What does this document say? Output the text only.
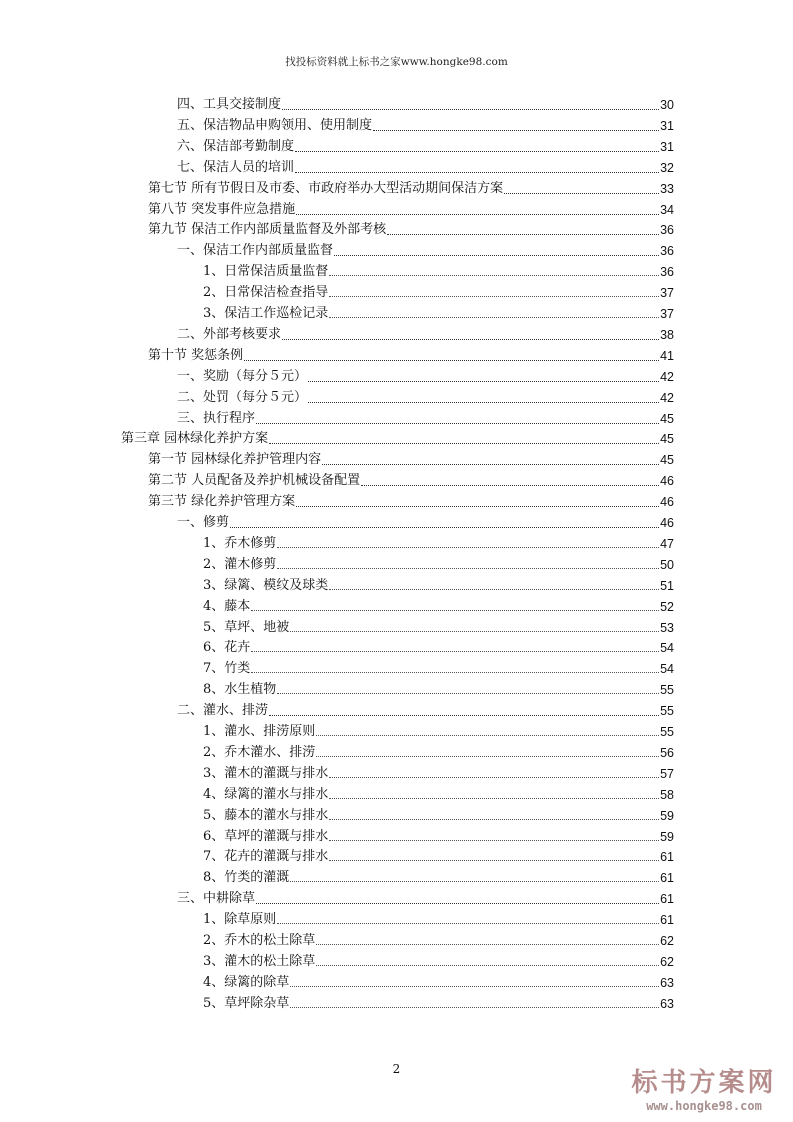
找投标资料就上标书之家www.hongke98.com
四、工具交接制度	30
五、保洁物品申购领用、使用制度	31
六、保洁部考勤制度	31
七、保洁人员的培训	32
第七节 所有节假日及市委、市政府举办大型活动期间保洁方案	33
第八节 突发事件应急措施	34
第九节 保洁工作内部质量监督及外部考核	36
一、保洁工作内部质量监督	36
1、日常保洁质量监督	36
2、日常保洁检查指导	37
3、保洁工作巡检记录	37
二、外部考核要求	38
第十节 奖惩条例	41
一、奖励（每分５元）	42
二、处罚（每分５元）	42
三、执行程序	45
第三章 园林绿化养护方案	45
第一节 园林绿化养护管理内容	45
第二节 人员配备及养护机械设备配置	46
第三节 绿化养护管理方案	46
一、修剪	46
1、乔木修剪	47
2、灌木修剪	50
3、绿篱、模纹及球类	51
4、藤本	52
5、草坪、地被	53
6、花卉	54
7、竹类	54
8、水生植物	55
二、灌水、排涝	55
1、灌水、排涝原则	55
2、乔木灌水、排涝	56
3、灌木的灌溉与排水	57
4、绿篱的灌水与排水	58
5、藤本的灌水与排水	59
6、草坪的灌溉与排水	59
7、花卉的灌溉与排水	61
8、竹类的灌溉	61
三、中耕除草	61
1、除草原则	61
2、乔木的松土除草	62
3、灌木的松土除草	62
4、绿篱的除草	63
5、草坪除杂草	63
2	标书方案网
www.hongke98.com
